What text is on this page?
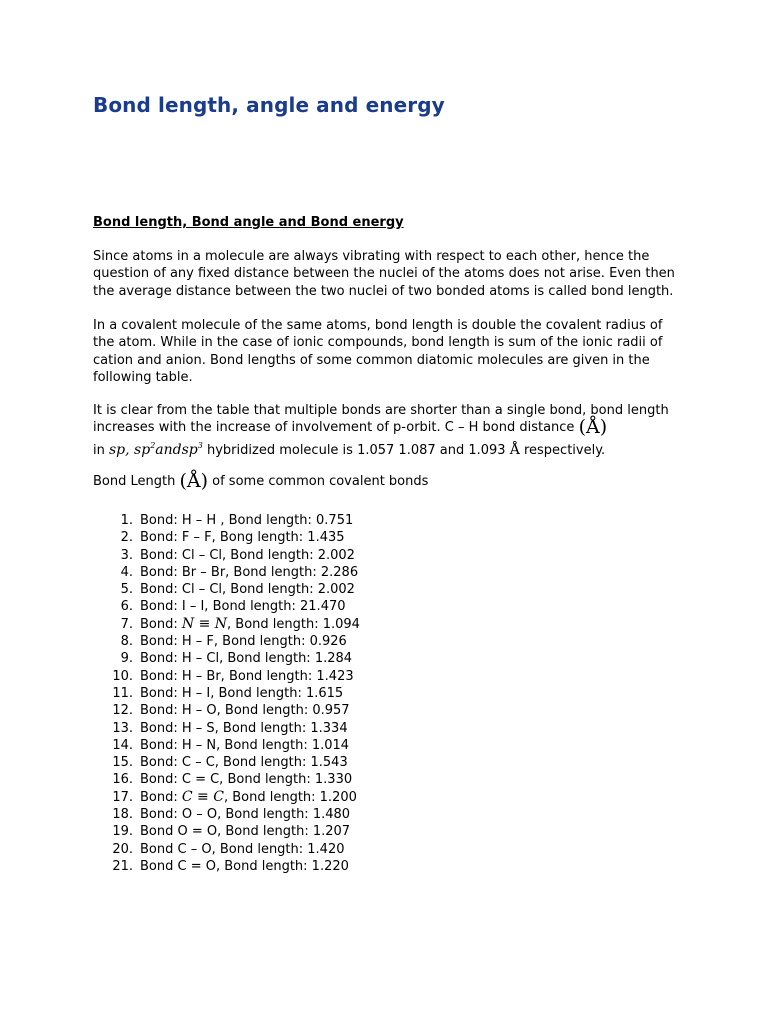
Bond length, angle and energy
Bond length, Bond angle and Bond energy

Since atoms in a molecule are always vibrating with respect to each other, hence the question of any fixed distance between the nuclei of the atoms does not arise. Even then the average distance between the two nuclei of two bonded atoms is called bond length.

In a covalent molecule of the same atoms, bond length is double the covalent radius of the atom. While in the case of ionic compounds, bond length is sum of the ionic radii of cation and anion. Bond lengths of some common diatomic molecules are given in the following table.

It is clear from the table that multiple bonds are shorter than a single bond, bond length increases with the increase of involvement of p-orbit. C – H bond distance (Å)
in sp, $sp^2andsp^3$ hybridized molecule is 1.057 1.087 and 1.093 Å respectively.

Bond Length (Å) of some common covalent bonds

1. Bond: H – H , Bond length: 0.751
2. Bond: F – F, Bong length: 1.435
3. Bond: Cl – Cl, Bond length: 2.002
4. Bond: Br – Br, Bond length: 2.286
5. Bond: Cl – Cl, Bond length: 2.002
6. Bond: I – I, Bond length: 21.470
7. Bond: N ≡ N, Bond length: 1.094
8. Bond: H – F, Bond length: 0.926
9. Bond: H – Cl, Bond length: 1.284
10. Bond: H – Br, Bond length: 1.423
11. Bond: H – I, Bond length: 1.615
12. Bond: H – O, Bond length: 0.957
13. Bond: H – S, Bond length: 1.334
14. Bond: H – N, Bond length: 1.014
15. Bond: C – C, Bond length: 1.543
16. Bond: C = C, Bond length: 1.330
17. Bond: C ≡ C, Bond length: 1.200
18. Bond: O – O, Bond length: 1.480
19. Bond O = O, Bond length: 1.207
20. Bond C – O, Bond length: 1.420
21. Bond C = O, Bond length: 1.220
